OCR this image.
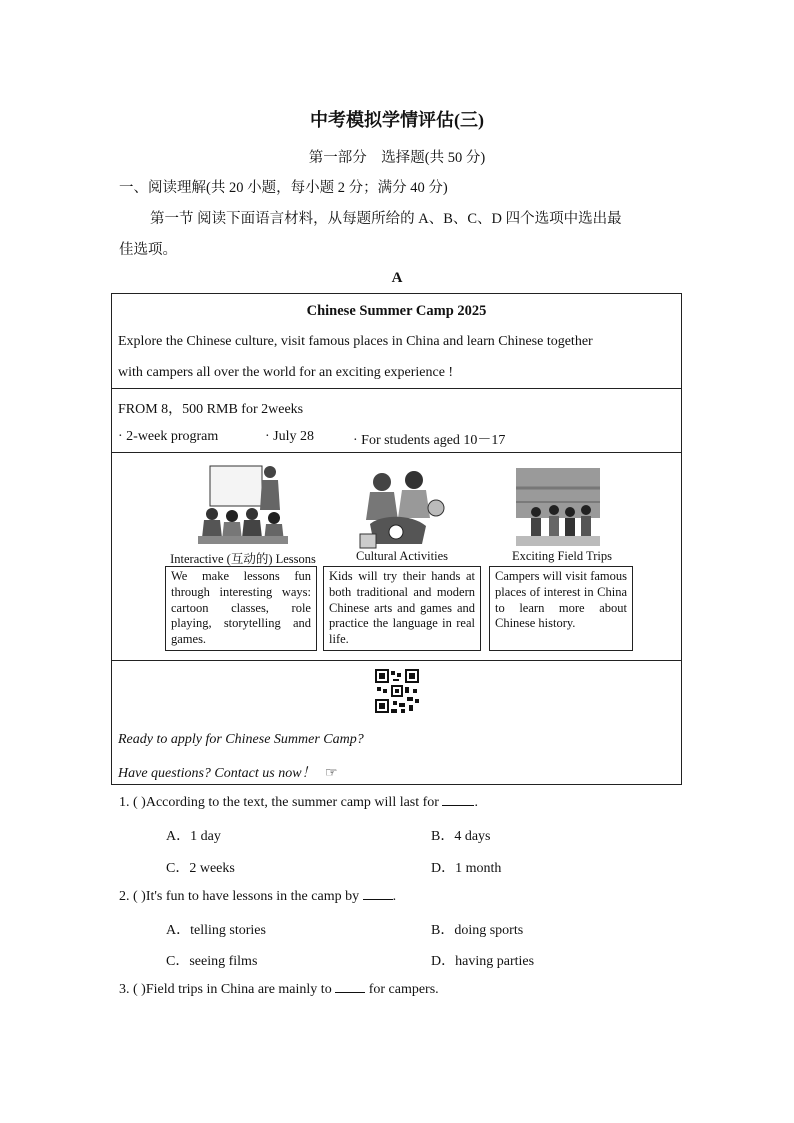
中考模拟学情评估(三)
第一部分　选择题(共 50 分)
一、阅读理解(共 20 小题，每小题 2 分；满分 40 分)
第一节 阅读下面语言材料，从每题所给的 A、B、C、D 四个选项中选出最
佳选项。
A
Chinese Summer Camp 2025
Explore the Chinese culture, visit famous places in China and learn Chinese together
with campers all over the world for an exciting experience !
FROM 8，500 RMB for 2weeks
· 2-week program	· July 28	· For students aged 10－17
Interactive (互动的) Lessons	Cultural Activities	Exciting Field Trips
We make lessons fun through interesting ways: cartoon classes, role playing, storytelling and games.
Kids will try their hands at both traditional and modern Chinese arts and games and practice the language in real life.
Campers will visit famous places of interest in China to learn more about Chinese history.
Ready to apply for Chinese Summer Camp?
Have questions? Contact us now！ ☞
1. ( )According to the text, the summer camp will last for	.
A．1 day	B．4 days
C．2 weeks	D．1 month
2. ( )It's fun to have lessons in the camp by .
A．telling stories	B．doing sports
C．seeing films	D．having parties
3. ( )Field trips in China are mainly to	for campers.
